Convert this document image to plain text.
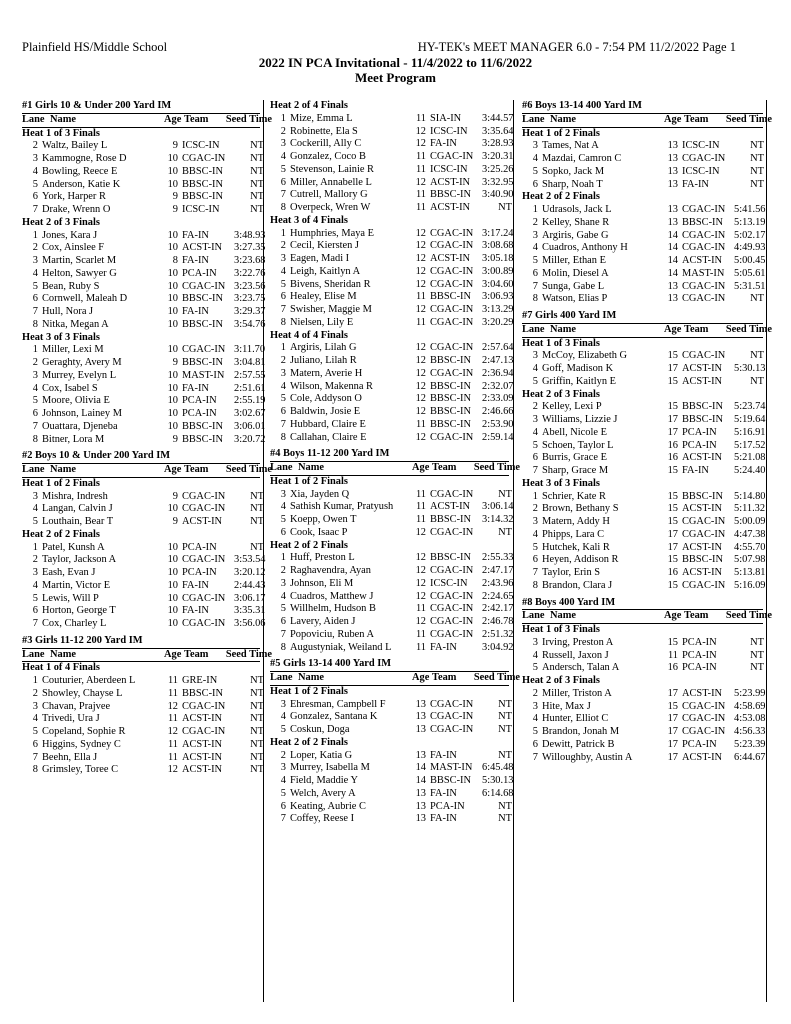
Plainfield HS/Middle School	HY-TEK's MEET MANAGER 6.0 - 7:54 PM 11/2/2022 Page 1
2022 IN PCA Invitational - 11/4/2022 to 11/6/2022
Meet Program
#1 Girls 10 & Under 200 Yard IM
Lane Name	Age Team	Seed Time
Heat 1 of 3 Finals
2 Waltz, Bailey L	9 ICSC-IN	NT
3 Kammogne, Rose D	10 CGAC-IN	NT
4 Bowling, Reece E	10 BBSC-IN	NT
5 Anderson, Katie K	10 BBSC-IN	NT
6 York, Harper R	9 BBSC-IN	NT
7 Drake, Wrenn O	9 ICSC-IN	NT
Heat 2 of 3 Finals
1 Jones, Kara J	10 FA-IN	3:48.93
2 Cox, Ainslee F	10 ACST-IN	3:27.35
3 Martin, Scarlet M	8 FA-IN	3:23.68
4 Helton, Sawyer G	10 PCA-IN	3:22.76
5 Bean, Ruby S	10 CGAC-IN 3:23.56
6 Cornwell, Maleah D	10 BBSC-IN	3:23.75
7 Hull, Nora J	10 FA-IN	3:29.37
8 Nitka, Megan A	10 BBSC-IN	3:54.76
Heat 3 of 3 Finals
1 Miller, Lexi M	10 CGAC-IN 3:11.70
2 Geraghty, Avery M	9 BBSC-IN	3:04.81
3 Murrey, Evelyn L	10 MAST-IN 2:57.55
4 Cox, Isabel S	10 FA-IN	2:51.61
5 Moore, Olivia E	10 PCA-IN	2:55.19
6 Johnson, Lainey M	10 PCA-IN	3:02.67
7 Ouattara, Djeneba	10 BBSC-IN	3:06.01
8 Bitner, Lora M	9 BBSC-IN	3:20.72
#2 Boys 10 & Under 200 Yard IM
Lane Name	Age Team	Seed Time
Heat 1 of 2 Finals
3 Mishra, Indresh	9 CGAC-IN	NT
4 Langan, Calvin J	10 CGAC-IN	NT
5 Louthain, Bear T	9 ACST-IN	NT
Heat 2 of 2 Finals
1 Patel, Kunsh A	10 PCA-IN	NT
2 Taylor, Jackson A	10 CGAC-IN 3:53.54
3 Eash, Evan J	10 PCA-IN	3:20.12
4 Martin, Victor E	10 FA-IN	2:44.43
5 Lewis, Will P	10 CGAC-IN 3:06.17
6 Horton, George T	10 FA-IN	3:35.31
7 Cox, Charley L	10 CGAC-IN 3:56.06
#3 Girls 11-12 200 Yard IM
Lane Name	Age Team	Seed Time
Heat 1 of 4 Finals
1 Couturier, Aberdeen L	11 GRE-IN	NT
2 Showley, Chayse L	11 BBSC-IN	NT
3 Chavan, Prajvee	12 CGAC-IN	NT
4 Trivedi, Ura J	11 ACST-IN	NT
5 Copeland, Sophie R	12 CGAC-IN	NT
6 Higgins, Sydney C	11 ACST-IN	NT
7 Beehn, Ella J	11 ACST-IN	NT
8 Grimsley, Toree C	12 ACST-IN	NT
Heat 2 of 4 Finals
1 Mize, Emma L	11 SIA-IN	3:44.57
2 Robinette, Ela S	12 ICSC-IN	3:35.64
3 Cockerill, Ally C	12 FA-IN	3:28.93
4 Gonzalez, Coco B	11 CGAC-IN 3:20.31
5 Stevenson, Lainie R	11 ICSC-IN	3:25.26
6 Miller, Annabelle L	12 ACST-IN	3:32.95
7 Cutrell, Mallory G	11 BBSC-IN	3:40.90
8 Overpeck, Wren W	11 ACST-IN	NT
Heat 3 of 4 Finals
1 Humphries, Maya E	12 CGAC-IN 3:17.24
2 Cecil, Kiersten J	12 CGAC-IN 3:08.68
3 Eagen, Madi I	12 ACST-IN	3:05.18
4 Leigh, Kaitlyn A	12 CGAC-IN 3:00.89
5 Bivens, Sheridan R	12 CGAC-IN 3:04.60
6 Healey, Elise M	11 BBSC-IN	3:06.93
7 Swisher, Maggie M	12 CGAC-IN 3:13.29
8 Nielsen, Lily E	11 CGAC-IN 3:20.29
Heat 4 of 4 Finals
1 Argiris, Lilah G	12 CGAC-IN 2:57.64
2 Juliano, Lilah R	12 BBSC-IN	2:47.13
3 Matern, Averie H	12 CGAC-IN 2:36.94
4 Wilson, Makenna R	12 BBSC-IN	2:32.07
5 Cole, Addyson O	12 BBSC-IN	2:33.09
6 Baldwin, Josie E	12 BBSC-IN	2:46.66
7 Hubbard, Claire E	11 BBSC-IN	2:53.90
8 Callahan, Claire E	12 CGAC-IN 2:59.14
#4 Boys 11-12 200 Yard IM
Lane Name	Age Team	Seed Time
Heat 1 of 2 Finals
3 Xia, Jayden Q	11 CGAC-IN	NT
4 Sathish Kumar, Pratyush	11 ACST-IN	3:06.14
5 Koepp, Owen T	11 BBSC-IN	3:14.32
6 Cook, Isaac P	12 CGAC-IN	NT
Heat 2 of 2 Finals
1 Huff, Preston L	12 BBSC-IN	2:55.33
2 Raghavendra, Ayan	12 CGAC-IN 2:47.17
3 Johnson, Eli M	12 ICSC-IN	2:43.96
4 Cuadros, Matthew J	12 CGAC-IN 2:24.65
5 Willhelm, Hudson B	11 CGAC-IN 2:42.17
6 Lavery, Aiden J	12 CGAC-IN 2:46.78
7 Popoviciu, Ruben A	11 CGAC-IN 2:51.32
8 Augustyniak, Weiland L	11 FA-IN	3:04.92
#5 Girls 13-14 400 Yard IM
Lane Name	Age Team	Seed Time
Heat 1 of 2 Finals
3 Ehresman, Campbell F	13 CGAC-IN	NT
4 Gonzalez, Santana K	13 CGAC-IN	NT
5 Coskun, Doga	13 CGAC-IN	NT
Heat 2 of 2 Finals
2 Loper, Katia G	13 FA-IN	NT
3 Murrey, Isabella M	14 MAST-IN 6:45.48
4 Field, Maddie Y	14 BBSC-IN	5:30.13
5 Welch, Avery A	13 FA-IN	6:14.68
6 Keating, Aubrie C	13 PCA-IN	NT
7 Coffey, Reese I	13 FA-IN	NT
#6 Boys 13-14 400 Yard IM
Lane Name	Age Team	Seed Time
Heat 1 of 2 Finals
3 Tames, Nat A	13 ICSC-IN	NT
4 Mazdai, Camron C	13 CGAC-IN	NT
5 Sopko, Jack M	13 ICSC-IN	NT
6 Sharp, Noah T	13 FA-IN	NT
Heat 2 of 2 Finals
1 Udrasols, Jack L	13 CGAC-IN 5:41.56
2 Kelley, Shane R	13 BBSC-IN	5:13.19
3 Argiris, Gabe G	14 CGAC-IN 5:02.17
4 Cuadros, Anthony H	14 CGAC-IN 4:49.93
5 Miller, Ethan E	14 ACST-IN	5:00.45
6 Molin, Diesel A	14 MAST-IN 5:05.61
7 Sunga, Gabe L	13 CGAC-IN 5:31.51
8 Watson, Elias P	13 CGAC-IN	NT
#7 Girls 400 Yard IM
Lane Name	Age Team	Seed Time
Heat 1 of 3 Finals
3 McCoy, Elizabeth G	15 CGAC-IN	NT
4 Goff, Madison K	17 ACST-IN	5:30.13
5 Griffin, Kaitlyn E	15 ACST-IN	NT
Heat 2 of 3 Finals
2 Kelley, Lexi P	15 BBSC-IN	5:23.74
3 Williams, Lizzie J	17 BBSC-IN	5:19.64
4 Abell, Nicole E	17 PCA-IN	5:16.91
5 Schoen, Taylor L	16 PCA-IN	5:17.52
6 Burris, Grace E	16 ACST-IN	5:21.08
7 Sharp, Grace M	15 FA-IN	5:24.40
Heat 3 of 3 Finals
1 Schrier, Kate R	15 BBSC-IN	5:14.80
2 Brown, Bethany S	15 ACST-IN	5:11.32
3 Matern, Addy H	15 CGAC-IN 5:00.09
4 Phipps, Lara C	17 CGAC-IN 4:47.38
5 Hutchek, Kali R	17 ACST-IN	4:55.70
6 Heyen, Addison R	15 BBSC-IN	5:07.98
7 Taylor, Erin S	16 ACST-IN	5:13.81
8 Brandon, Clara J	15 CGAC-IN 5:16.09
#8 Boys 400 Yard IM
Lane Name	Age Team	Seed Time
Heat 1 of 3 Finals
3 Irving, Preston A	15 PCA-IN	NT
4 Russell, Jaxon J	11 PCA-IN	NT
5 Andersch, Talan A	16 PCA-IN	NT
Heat 2 of 3 Finals
2 Miller, Triston A	17 ACST-IN	5:23.99
3 Hite, Max J	15 CGAC-IN 4:58.69
4 Hunter, Elliot C	17 CGAC-IN 4:53.08
5 Brandon, Jonah M	17 CGAC-IN 4:56.33
6 Dewitt, Patrick B	17 PCA-IN	5:23.39
7 Willoughby, Austin A	17 ACST-IN	6:44.67
